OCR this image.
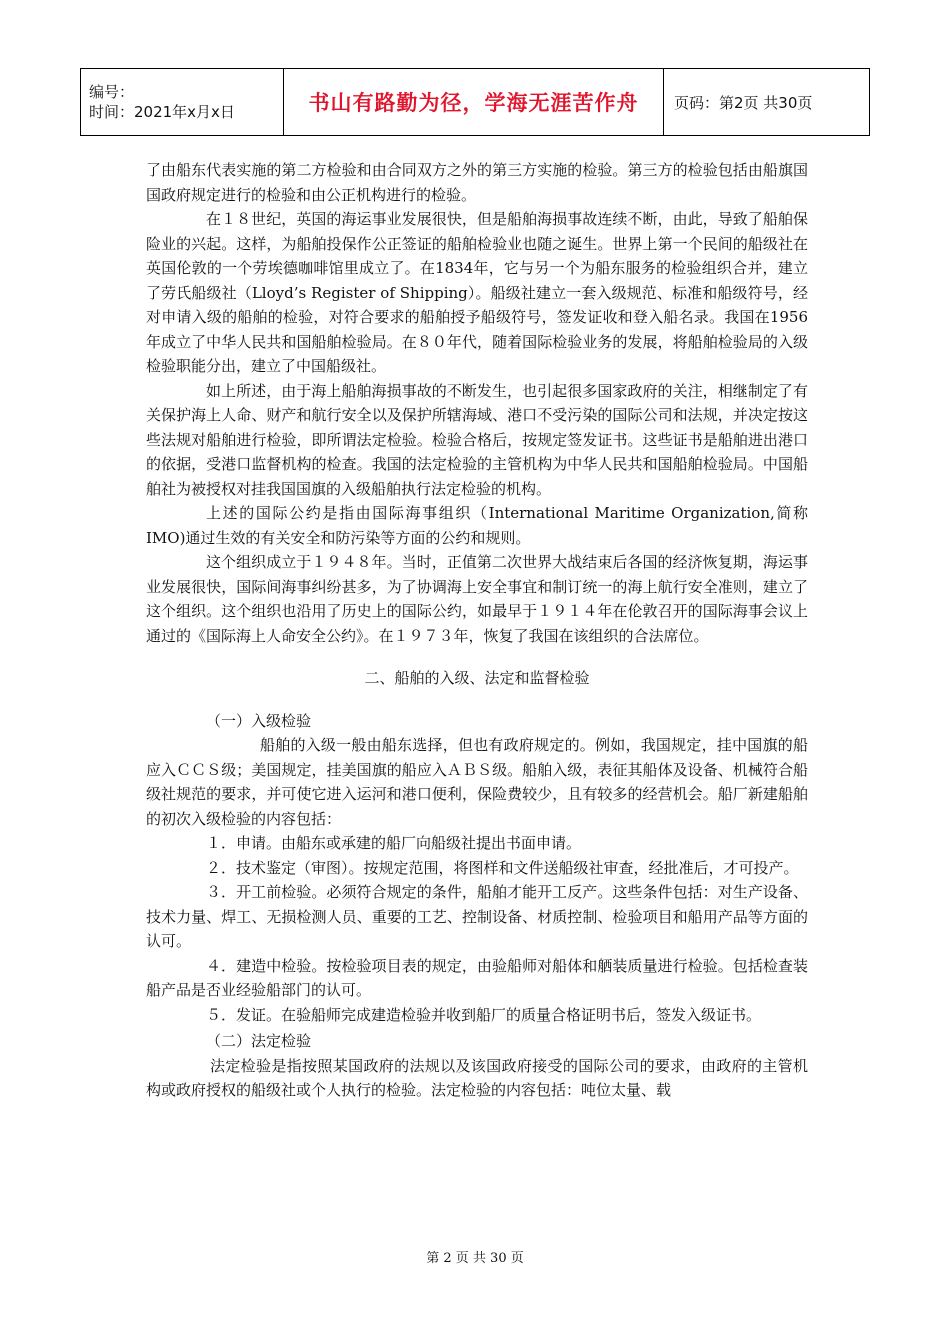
编号：
时间：2021年x月x日	书山有路勤为径，学海无涯苦作舟 页码：第2页 共30页

了由船东代表实施的第二方检验和由合同双方之外的第三方实施的检验。第三方的检验包括由船旗国国政府规定进行的检验和由公正机构进行的检验。

在１８世纪，英国的海运事业发展很快，但是船舶海损事故连续不断，由此，导致了船舶保险业的兴起。这样，为船舶投保作公正签证的船舶检验业也随之诞生。世界上第一个民间的船级社在英国伦敦的一个劳埃德咖啡馆里成立了。在1834年，它与另一个为船东服务的检验组织合并，建立了劳氏船级社（Lloyd’s Register of Shipping）。船级社建立一套入级规范、标准和船级符号，经对申请入级的船舶的检验，对符合要求的船舶授予船级符号，签发证收和登入船名录。我国在1956年成立了中华人民共和国船舶检验局。在８０年代，随着国际检验业务的发展，将船舶检验局的入级检验职能分出，建立了中国船级社。

如上所述，由于海上船舶海损事故的不断发生，也引起很多国家政府的关注，相继制定了有关保护海上人命、财产和航行安全以及保护所辖海域、港口不受污染的国际公司和法规，并决定按这些法规对船舶进行检验，即所谓法定检验。检验合格后，按规定签发证书。这些证书是船舶进出港口的依据，受港口监督机构的检查。我国的法定检验的主管机构为中华人民共和国船舶检验局。中国船舶社为被授权对挂我国国旗的入级船舶执行法定检验的机构。

上述的国际公约是指由国际海事组织（International Maritime Organization,简称IMO)通过生效的有关安全和防污染等方面的公约和规则。

这个组织成立于１９４８年。当时，正值第二次世界大战结束后各国的经济恢复期，海运事业发展很快，国际间海事纠纷甚多，为了协调海上安全事宜和制订统一的海上航行安全准则，建立了这个组织。这个组织也沿用了历史上的国际公约，如最早于１９１４年在伦敦召开的国际海事会议上通过的《国际海上人命安全公约》。在１９７３年，恢复了我国在该组织的合法席位。

二、船舶的入级、法定和监督检验

（一）入级检验

船舶的入级一般由船东选择，但也有政府规定的。例如，我国规定，挂中国旗的船应入ＣＣＳ级；美国规定，挂美国旗的船应入ＡＢＳ级。船舶入级，表征其船体及设备、机械符合船级社规范的要求，并可使它进入运河和港口便利，保险费较少，且有较多的经营机会。船厂新建船舶的初次入级检验的内容包括：

１．申请。由船东或承建的船厂向船级社提出书面申请。

２．技术鉴定（审图）。按规定范围，将图样和文件送船级社审查，经批准后，才可投产。

３．开工前检验。必须符合规定的条件，船舶才能开工反产。这些条件包括：对生产设备、技术力量、焊工、无损检测人员、重要的工艺、控制设备、材质控制、检验项目和船用产品等方面的认可。

４．建造中检验。按检验项目表的规定，由验船师对船体和舾装质量进行检验。包括检查装船产品是否业经验船部门的认可。

５．发证。在验船师完成建造检验并收到船厂的质量合格证明书后，签发入级证书。

（二）法定检验

法定检验是指按照某国政府的法规以及该国政府接受的国际公司的要求，由政府的主管机构或政府授权的船级社或个人执行的检验。法定检验的内容包括：吨位太量、载

第 2 页 共 30 页
